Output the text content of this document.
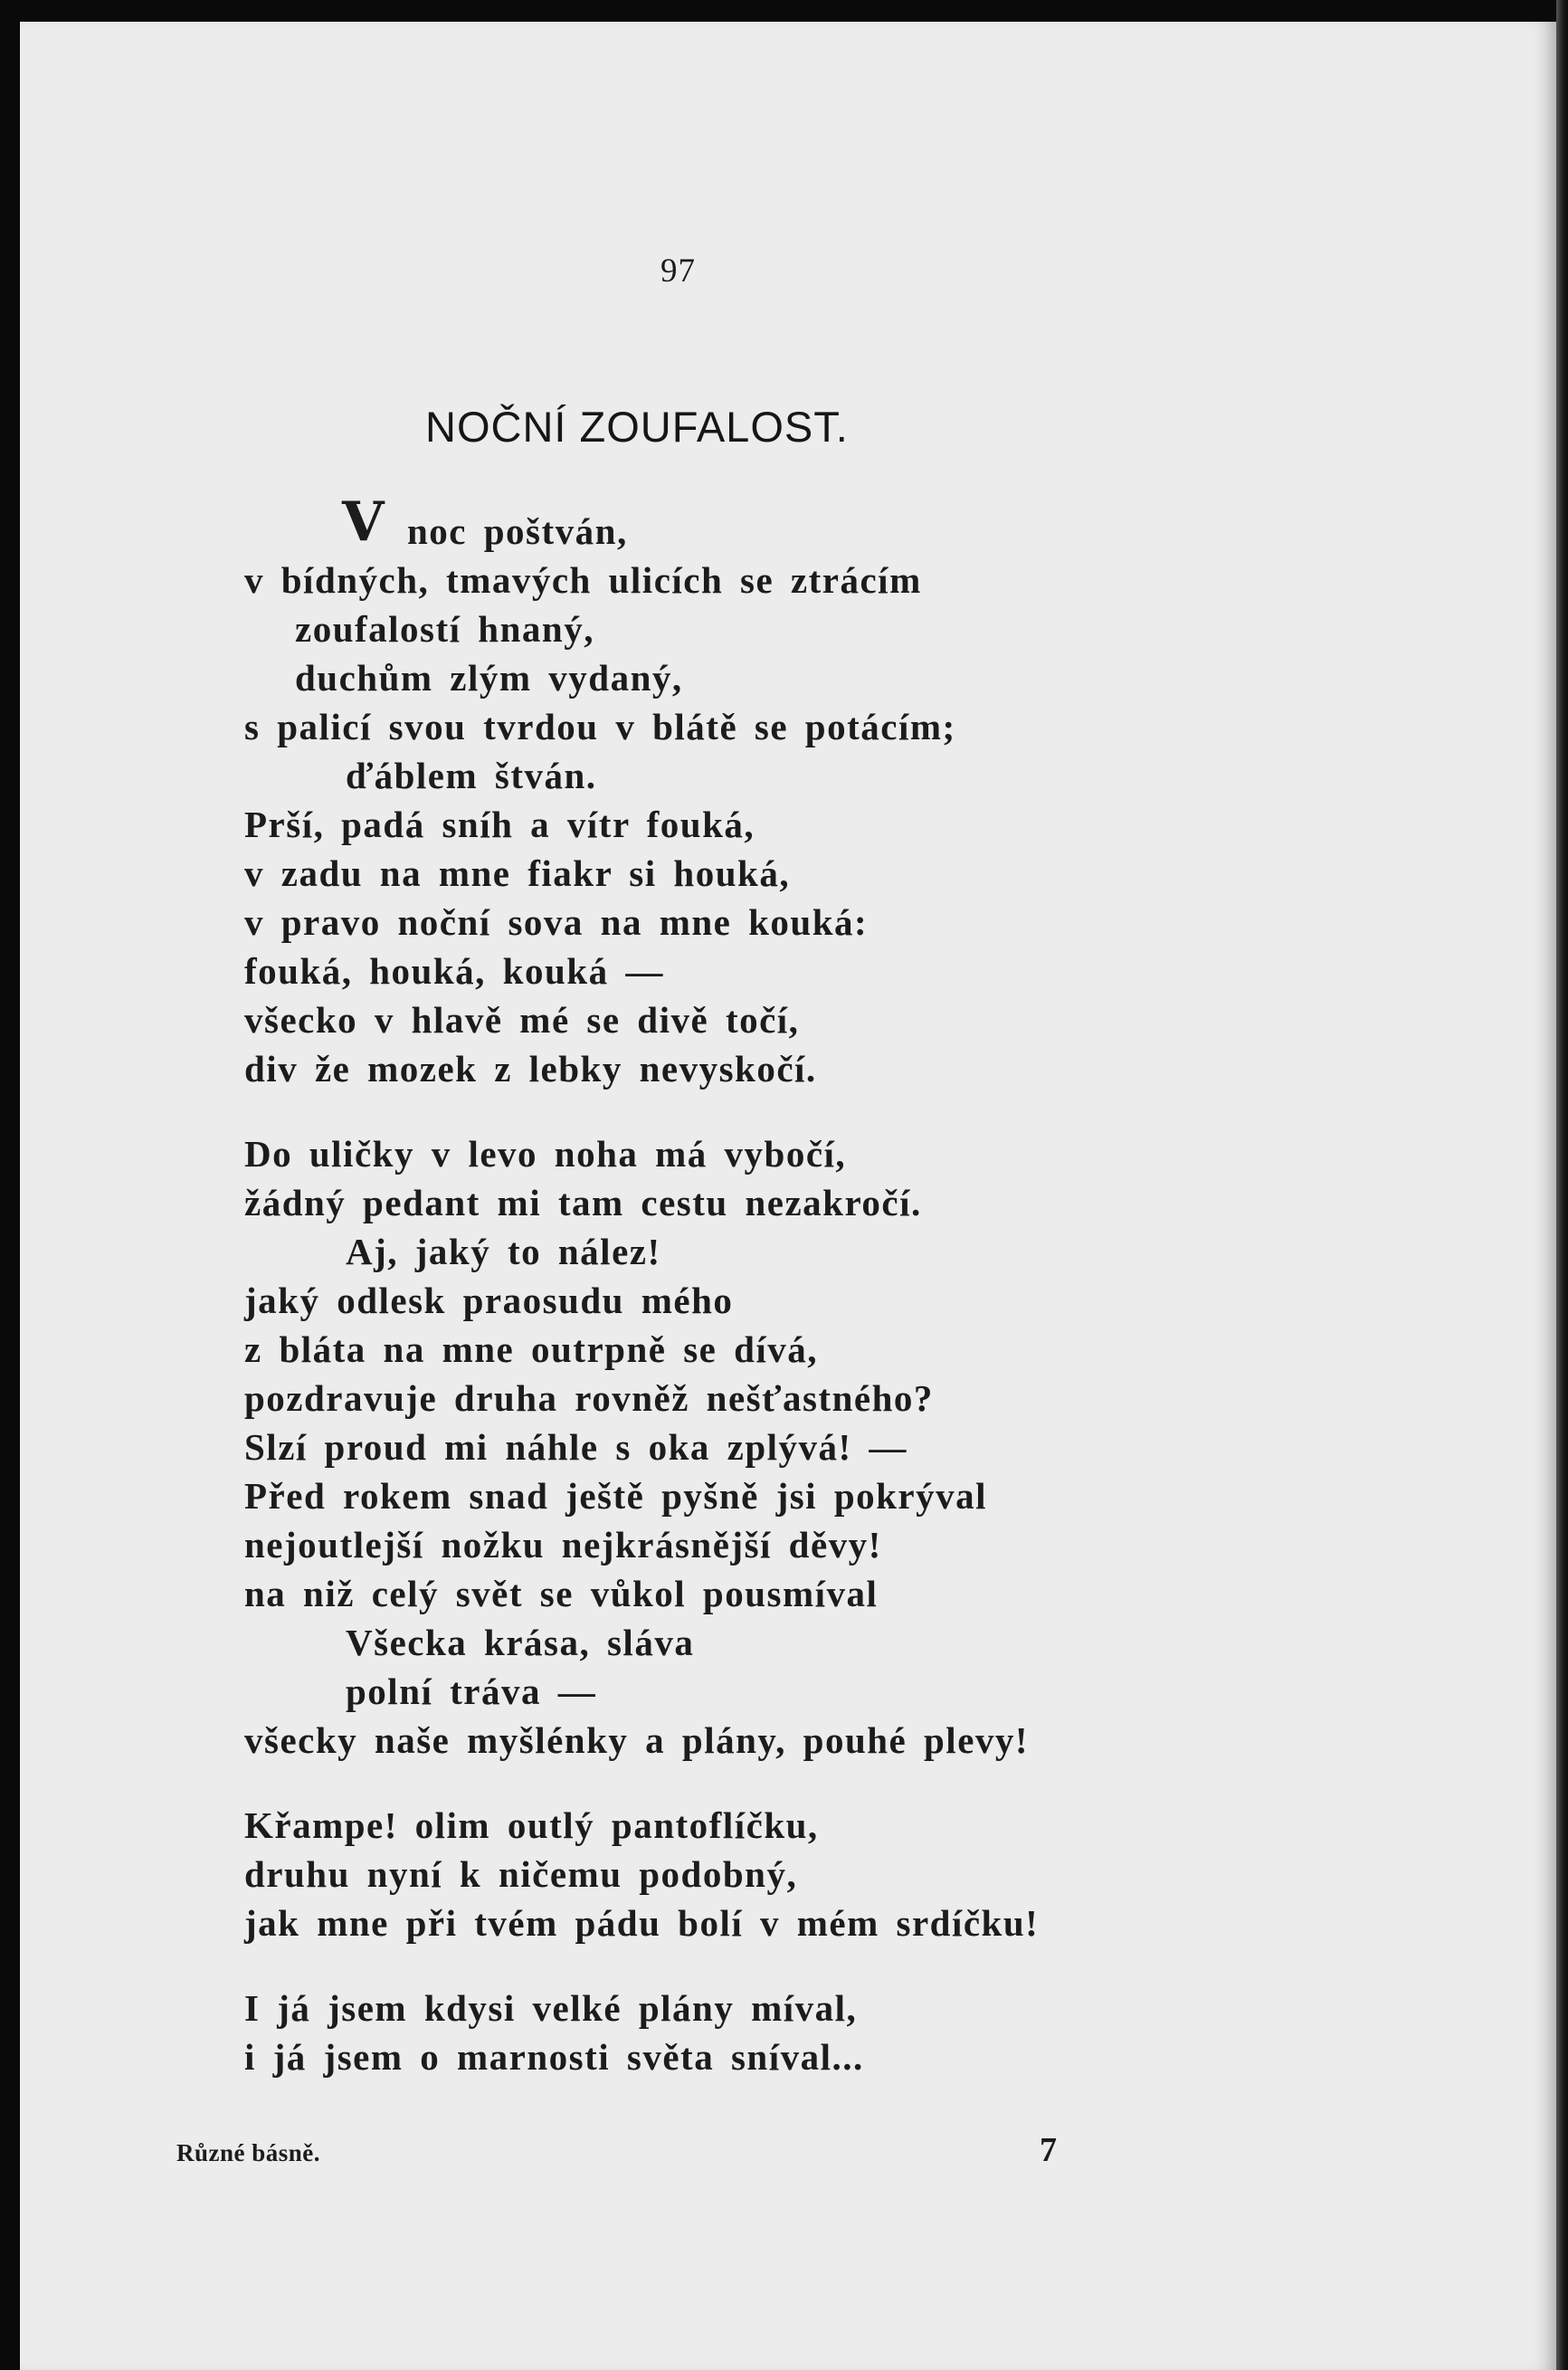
97
NOČNÍ ZOUFALOST.
V noc poštván,
v bídných, tmavých ulicích se ztrácím
zoufalostí hnaný,
duchům zlým vydaný,
s palicí svou tvrdou v blátě se potácím;
ďáblem štván.
Prší, padá sníh a vítr fouká,
v zadu na mne fiakr si houká,
v pravo noční sova na mne kouká:
fouká, houká, kouká —
všecko v hlavě mé se divě točí,
div že mozek z lebky nevyskočí.
Do uličky v levo noha má vybočí,
žádný pedant mi tam cestu nezakročí.
Aj, jaký to nález!
jaký odlesk praosudu mého
z bláta na mne outrpně se dívá,
pozdravuje druha rovněž nešťastného?
Slzí proud mi náhle s oka zplývá! —
Před rokem snad ještě pyšně jsi pokrýval
nejoutlejší nožku nejkrásnější děvy!
na niž celý svět se vůkol pousmíval
Všecka krása, sláva
polní tráva —
všecky naše myšlénky a plány, pouhé plevy!
Křampe! olim outlý pantoflíčku,
druhu nyní k ničemu podobný,
jak mne při tvém pádu bolí v mém srdíčku!
I já jsem kdysi velké plány míval,
i já jsem o marnosti světa sníval...
Různé básně.	7
